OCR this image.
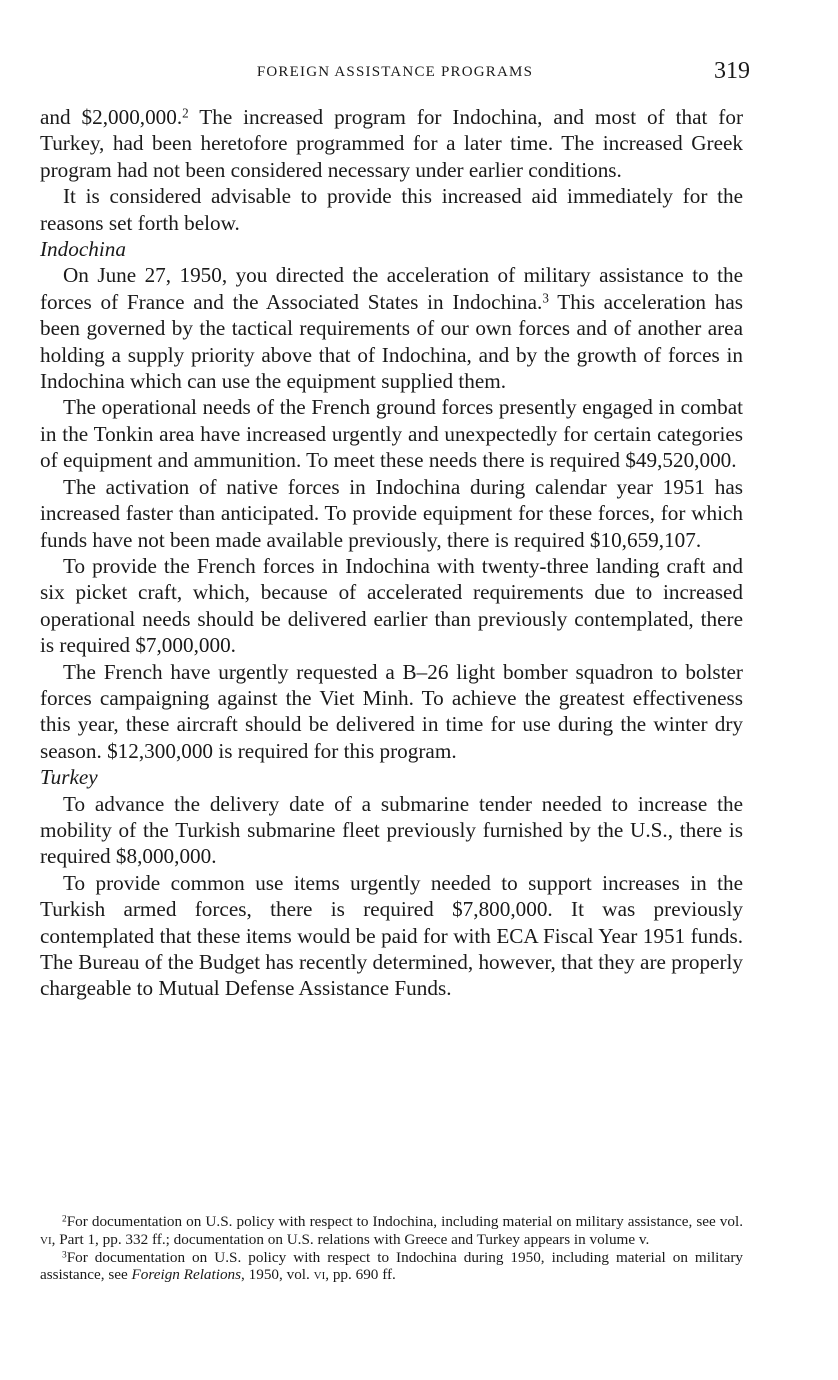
FOREIGN ASSISTANCE PROGRAMS	319

and $2,000,000.$^2$ The increased program for Indochina, and most of that for Turkey, had been heretofore programmed for a later time. The increased Greek program had not been considered necessary under earlier conditions.

It is considered advisable to provide this increased aid immediately for the reasons set forth below.

Indochina

On June 27, 1950, you directed the acceleration of military assistance to the forces of France and the Associated States in Indochina.$^3$ This acceleration has been governed by the tactical requirements of our own forces and of another area holding a supply priority above that of Indochina, and by the growth of forces in Indochina which can use the equipment supplied them.

The operational needs of the French ground forces presently engaged in combat in the Tonkin area have increased urgently and unexpectedly for certain categories of equipment and ammunition. To meet these needs there is required $49,520,000.

The activation of native forces in Indochina during calendar year 1951 has increased faster than anticipated. To provide equipment for these forces, for which funds have not been made available previously, there is required $10,659,107.

To provide the French forces in Indochina with twenty-three landing craft and six picket craft, which, because of accelerated requirements due to increased operational needs should be delivered earlier than previously contemplated, there is required $7,000,000.

The French have urgently requested a B–26 light bomber squadron to bolster forces campaigning against the Viet Minh. To achieve the greatest effectiveness this year, these aircraft should be delivered in time for use during the winter dry season. $12,300,000 is required for this program.

Turkey

To advance the delivery date of a submarine tender needed to increase the mobility of the Turkish submarine fleet previously furnished by the U.S., there is required $8,000,000.

To provide common use items urgently needed to support increases in the Turkish armed forces, there is required $7,800,000. It was previously contemplated that these items would be paid for with ECA Fiscal Year 1951 funds. The Bureau of the Budget has recently determined, however, that they are properly chargeable to Mutual Defense Assistance Funds.

$^2$For documentation on U.S. policy with respect to Indochina, including material on military assistance, see vol. vi, Part 1, pp. 332 ff.; documentation on U.S. relations with Greece and Turkey appears in volume v.

$^3$For documentation on U.S. policy with respect to Indochina during 1950, including material on military assistance, see Foreign Relations, 1950, vol. vi, pp. 690 ff.
